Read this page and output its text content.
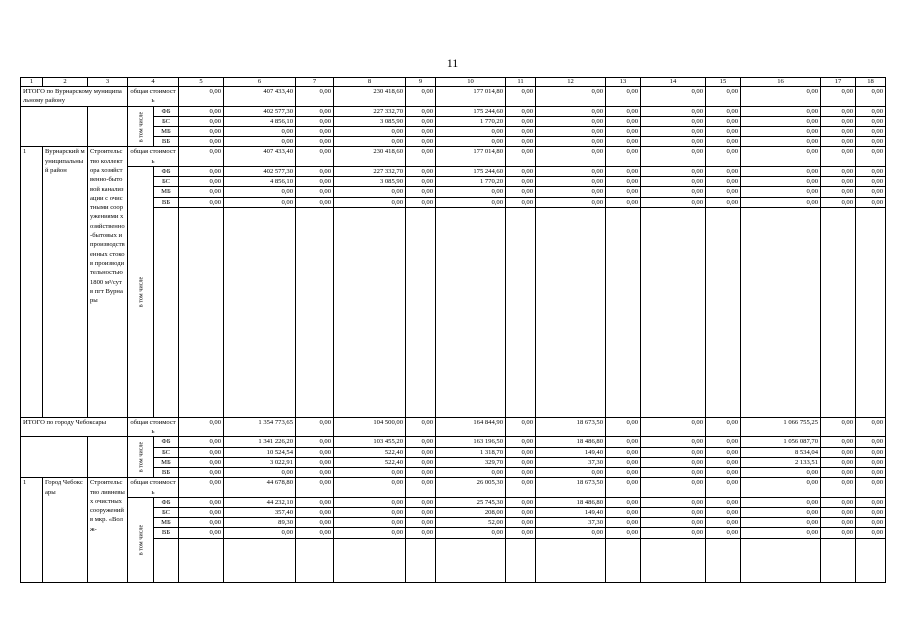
11
1	2	3	4		5	6	7	8	9	10	11	12	13	14	15	16	17	18
ИТОГО по Вурнарскому муниципальному району			общая стоимость		0,00	407 433,40	0,00	230 418,60	0,00	177 014,80	0,00	0,00	0,00	0,00	0,00	0,00	0,00	0,00

			в том числе	ФБ	0,00	402 577,30	0,00	227 332,70	0,00	175 244,60	0,00	0,00	0,00	0,00	0,00	0,00	0,00	0,00
				БС	0,00	4 856,10	0,00	3 085,90	0,00	1 770,20	0,00	0,00	0,00	0,00	0,00	0,00	0,00	0,00
				МБ	0,00	0,00	0,00	0,00	0,00	0,00	0,00	0,00	0,00	0,00	0,00	0,00	0,00	0,00
				ВБ	0,00	0,00	0,00	0,00	0,00	0,00	0,00	0,00	0,00	0,00	0,00	0,00	0,00	0,00
1	Вурнарский муниципальный район	Строительство коллектора хозяйственно-бытовой канализации с очистными сооружениями хозяйственно-бытовых и производственных стоков производительностью 1800 м³/сут в пгт Вурнары	общая стоимость		0,00	407 433,40	0,00	230 418,60	0,00	177 014,80	0,00	0,00	0,00	0,00	0,00	0,00	0,00	0,00

			в том числе	ФБ	0,00	402 577,30	0,00	227 332,70	0,00	175 244,60	0,00	0,00	0,00	0,00	0,00	0,00	0,00	0,00
				БС	0,00	4 856,10	0,00	3 085,90	0,00	1 770,20	0,00	0,00	0,00	0,00	0,00	0,00	0,00	0,00
				МБ	0,00	0,00	0,00	0,00	0,00	0,00	0,00	0,00	0,00	0,00	0,00	0,00	0,00	0,00
				ВБ	0,00	0,00	0,00	0,00	0,00	0,00	0,00	0,00	0,00	0,00	0,00	0,00	0,00	0,00

ИТОГО по городу Чебоксары			общая стоимость		0,00	1 354 773,65	0,00	104 500,00	0,00	164 844,90	0,00	18 673,50	0,00	0,00	0,00	1 066 755,25	0,00	0,00

			в том числе	ФБ	0,00	1 341 226,20	0,00	103 455,20	0,00	163 196,50	0,00	18 486,80	0,00	0,00	0,00	1 056 087,70	0,00	0,00
				БС	0,00	10 524,54	0,00	522,40	0,00	1 318,70	0,00	149,40	0,00	0,00	0,00	8 534,04	0,00	0,00
				МБ	0,00	3 022,91	0,00	522,40	0,00	329,70	0,00	37,30	0,00	0,00	0,00	2 133,51	0,00	0,00
				ВБ	0,00	0,00	0,00	0,00	0,00	0,00	0,00	0,00	0,00	0,00	0,00	0,00	0,00	0,00
1	Город Чебоксары	Строительство ливневых очистных сооружений в мкр. «Волж-	общая стоимость		0,00	44 678,80	0,00	0,00	0,00	26 005,30	0,00	18 673,50	0,00	0,00	0,00	0,00	0,00	0,00

			в том числе	ФБ	0,00	44 232,10	0,00	0,00	0,00	25 745,30	0,00	18 486,80	0,00	0,00	0,00	0,00	0,00	0,00
				БС	0,00	357,40	0,00	0,00	0,00	208,00	0,00	149,40	0,00	0,00	0,00	0,00	0,00	0,00
				МБ	0,00	89,30	0,00	0,00	0,00	52,00	0,00	37,30	0,00	0,00	0,00	0,00	0,00	0,00
				ВБ	0,00	0,00	0,00	0,00	0,00	0,00	0,00	0,00	0,00	0,00	0,00	0,00	0,00	0,00
